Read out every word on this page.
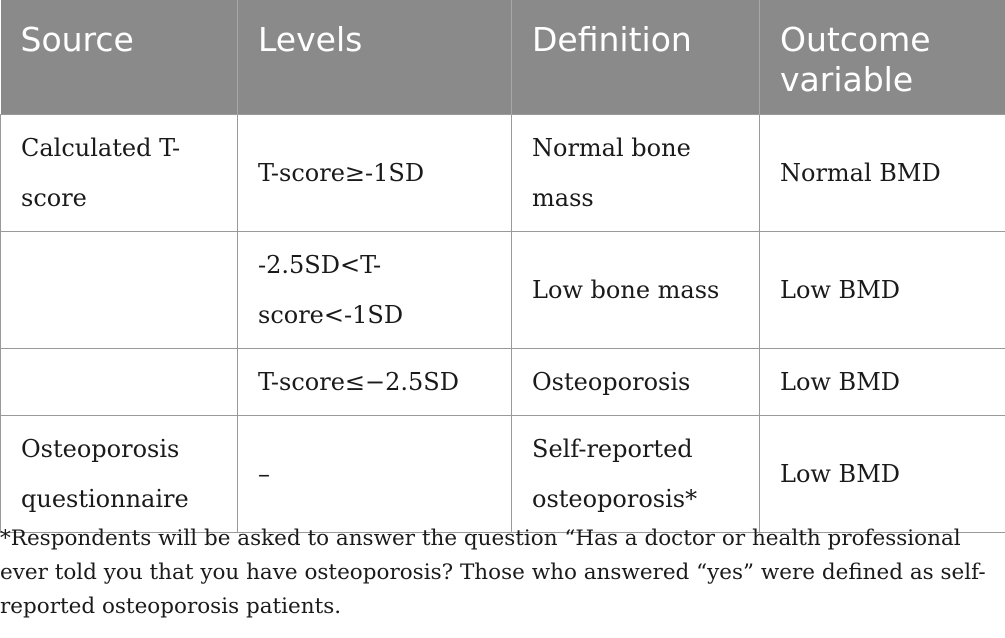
Source	Levels	Definition	Outcome variable
Calculated T-score	T-score≥-1SD	Normal bone mass	Normal BMD
	-2.5SD<T-score<-1SD	Low bone mass	Low BMD
	T-score≤−2.5SD	Osteoporosis	Low BMD
Osteoporosis questionnaire	–	Self-reported osteoporosis*	Low BMD

*Respondents will be asked to answer the question “Has a doctor or health professional ever told you that you have osteoporosis? Those who answered “yes” were defined as self-reported osteoporosis patients.
